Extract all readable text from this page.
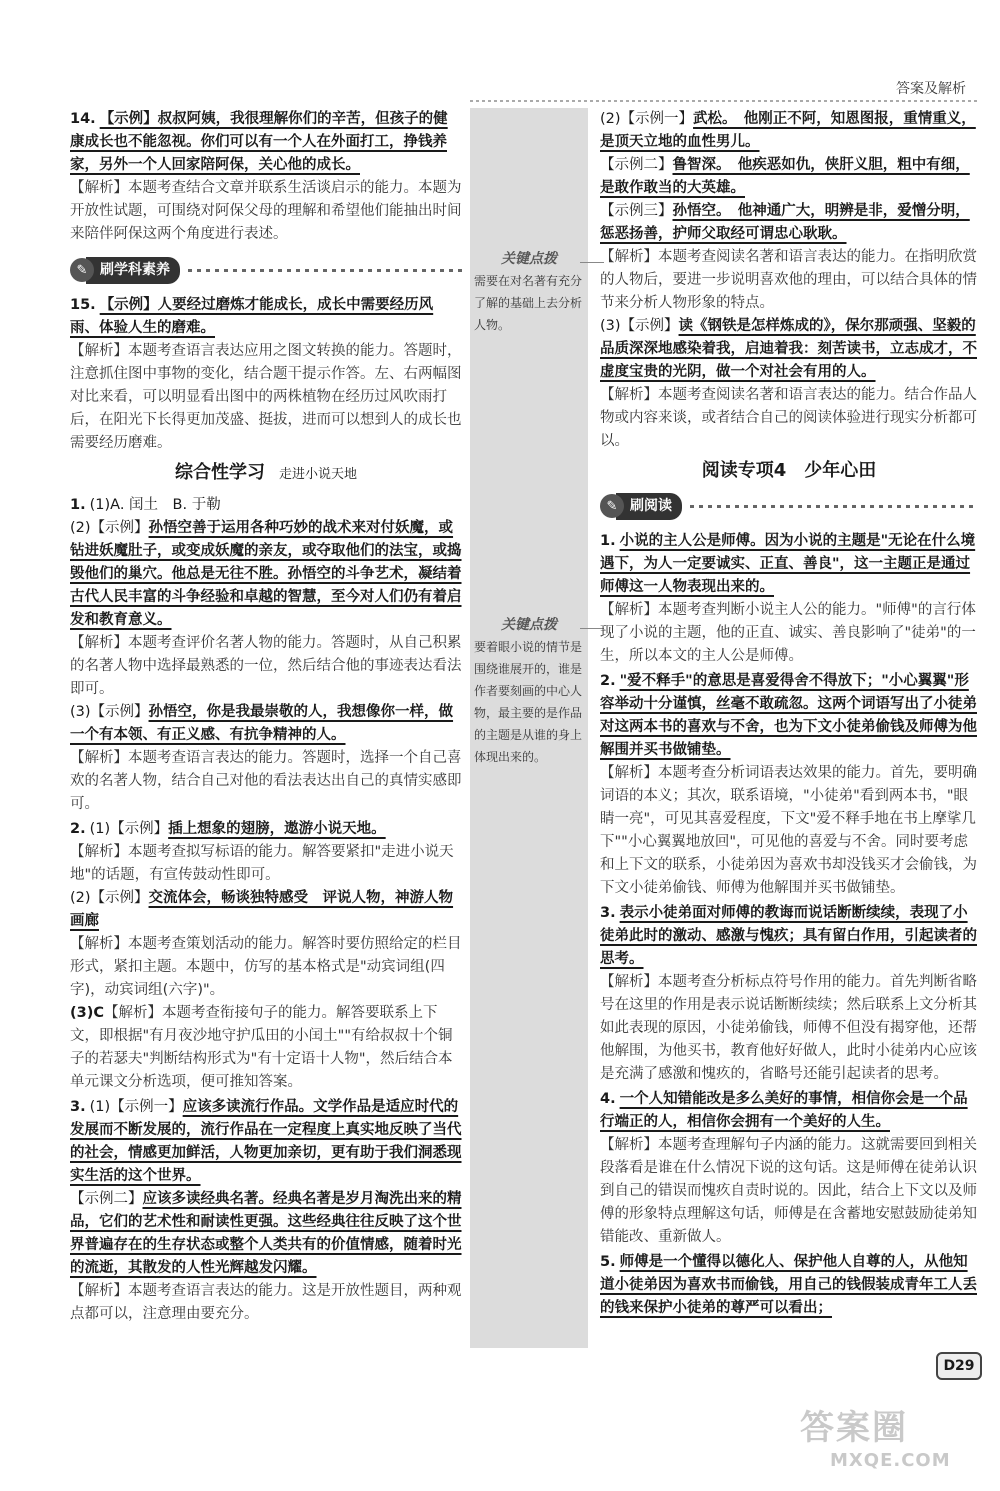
答案及解析
关键点拨
需要在对名著有充分了解的基础上去分析人物。
关键点拨
要着眼小说的情节是围绕谁展开的，谁是作者要刻画的中心人物，最主要的是作品的主题是从谁的身上体现出来的。
14. 【示例】叔叔阿姨，我很理解你们的辛苦，但孩子的健康成长也不能忽视。你们可以有一个人在外面打工，挣钱养家，另外一个人回家陪阿保，关心他的成长。
【解析】本题考查结合文章并联系生活谈启示的能力。本题为开放性试题，可围绕对阿保父母的理解和希望他们能抽出时间来陪伴阿保这两个角度进行表述。
✎ 刷学科素养
15. 【示例】人要经过磨炼才能成长，成长中需要经历风雨、体验人生的磨难。
【解析】本题考查语言表达应用之图文转换的能力。答题时，注意抓住图中事物的变化，结合题干提示作答。左、右两幅图对比来看，可以明显看出图中的两株植物在经历过风吹雨打后，在阳光下长得更加茂盛、挺拔，进而可以想到人的成长也需要经历磨难。
综合性学习 走进小说天地
1. (1)A. 闰土　B. 于勒
(2)【示例】孙悟空善于运用各种巧妙的战术来对付妖魔，或钻进妖魔肚子，或变成妖魔的亲友，或夺取他们的法宝，或捣毁他们的巢穴。他总是无往不胜。孙悟空的斗争艺术，凝结着古代人民丰富的斗争经验和卓越的智慧，至今对人们仍有着启发和教育意义。
【解析】本题考查评价名著人物的能力。答题时，从自己积累的名著人物中选择最熟悉的一位，然后结合他的事迹表达看法即可。
(3)【示例】孙悟空，你是我最崇敬的人，我想像你一样，做一个有本领、有正义感、有抗争精神的人。
【解析】本题考查语言表达的能力。答题时，选择一个自己喜欢的名著人物，结合自己对他的看法表达出自己的真情实感即可。
2. (1)【示例】插上想象的翅膀，遨游小说天地。
【解析】本题考查拟写标语的能力。解答要紧扣"走进小说天地"的话题，有宣传鼓动性即可。
(2)【示例】交流体会，畅谈独特感受　评说人物，神游人物画廊
【解析】本题考查策划活动的能力。解答时要仿照给定的栏目形式，紧扣主题。本题中，仿写的基本格式是"动宾词组(四字)，动宾词组(六字)"。
(3)C【解析】本题考查衔接句子的能力。解答要联系上下文，即根据"有月夜沙地守护瓜田的小闰土""有给叔叔十个铜子的若瑟夫"判断结构形式为"有十定语十人物"，然后结合本单元课文分析选项，便可推知答案。
3. (1)【示例一】应该多读流行作品。文学作品是适应时代的发展而不断发展的，流行作品在一定程度上真实地反映了当代的社会，情感更加鲜活，人物更加亲切，更有助于我们洞悉现实生活的这个世界。
【示例二】应该多读经典名著。经典名著是岁月淘洗出来的精品，它们的艺术性和耐读性更强。这些经典往往反映了这个世界普遍存在的生存状态或整个人类共有的价值情感，随着时光的流逝，其散发的人性光辉越发闪耀。
【解析】本题考查语言表达的能力。这是开放性题目，两种观点都可以，注意理由要充分。
(2)【示例一】武松。　他刚正不阿，知恩图报，重情重义，是顶天立地的血性男儿。
【示例二】鲁智深。　他疾恶如仇，侠肝义胆，粗中有细，是敢作敢当的大英雄。
【示例三】孙悟空。　他神通广大，明辨是非，爱憎分明，惩恶扬善，护师父取经可谓忠心耿耿。
【解析】本题考查阅读名著和语言表达的能力。在指明欣赏的人物后，要进一步说明喜欢他的理由，可以结合具体的情节来分析人物形象的特点。
(3)【示例】读《钢铁是怎样炼成的》，保尔那顽强、坚毅的品质深深地感染着我，启迪着我：刻苦读书，立志成才，不虚度宝贵的光阴，做一个对社会有用的人。
【解析】本题考查阅读名著和语言表达的能力。结合作品人物或内容来谈，或者结合自己的阅读体验进行现实分析都可以。
阅读专项4　少年心田
✎ 刷阅读
1. 小说的主人公是师傅。因为小说的主题是"无论在什么境遇下，为人一定要诚实、正直、善良"，这一主题正是通过师傅这一人物表现出来的。
【解析】本题考查判断小说主人公的能力。"师傅"的言行体现了小说的主题，他的正直、诚实、善良影响了"徒弟"的一生，所以本文的主人公是师傅。
2. "爱不释手"的意思是喜爱得舍不得放下；"小心翼翼"形容举动十分谨慎，丝毫不敢疏忽。这两个词语写出了小徒弟对这两本书的喜欢与不舍，也为下文小徒弟偷钱及师傅为他解围并买书做铺垫。
【解析】本题考查分析词语表达效果的能力。首先，要明确词语的本义；其次，联系语境，"小徒弟"看到两本书，"眼睛一亮"，可见其喜爱程度，下文"爱不释手地在书上摩挲几下""小心翼翼地放回"，可见他的喜爱与不舍。同时要考虑和上下文的联系，小徒弟因为喜欢书却没钱买才会偷钱，为下文小徒弟偷钱、师傅为他解围并买书做铺垫。
3. 表示小徒弟面对师傅的教诲而说话断断续续，表现了小徒弟此时的激动、感激与愧疚；具有留白作用，引起读者的思考。
【解析】本题考查分析标点符号作用的能力。首先判断省略号在这里的作用是表示说话断断续续；然后联系上文分析其如此表现的原因，小徒弟偷钱，师傅不但没有揭穿他，还帮他解围，为他买书，教育他好好做人，此时小徒弟内心应该是充满了感激和愧疚的，省略号还能引起读者的思考。
4. 一个人知错能改是多么美好的事情，相信你会是一个品行端正的人，相信你会拥有一个美好的人生。
【解析】本题考查理解句子内涵的能力。这就需要回到相关段落看是谁在什么情况下说的这句话。这是师傅在徒弟认识到自己的错误而愧疚自责时说的。因此，结合上下文以及师傅的形象特点理解这句话，师傅是在含蓄地安慰鼓励徒弟知错能改、重新做人。
5. 师傅是一个懂得以德化人、保护他人自尊的人，从他知道小徒弟因为喜欢书而偷钱，用自己的钱假装成青年工人丢的钱来保护小徒弟的尊严可以看出；
D29
答案圈
MXQE.COM
